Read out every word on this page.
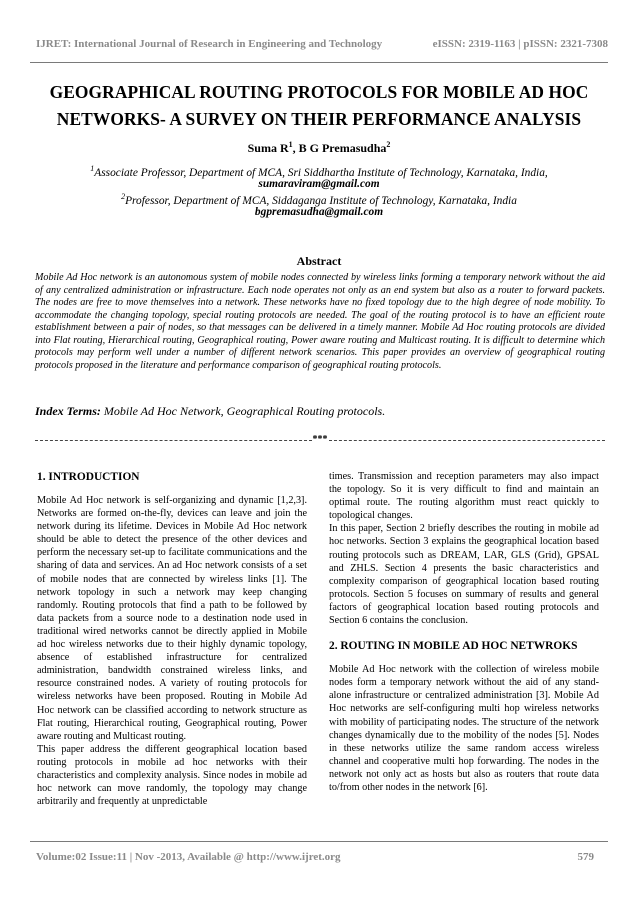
IJRET: International Journal of Research in Engineering and Technology	eISSN: 2319-1163 | pISSN: 2321-7308
GEOGRAPHICAL ROUTING PROTOCOLS FOR MOBILE AD HOC
NETWORKS- A SURVEY ON THEIR PERFORMANCE ANALYSIS
Suma $R^1$, B G Premasudha$^2$
$^1$Associate Professor, Department of MCA, Sri Siddhartha Institute of Technology, Karnataka, India,
sumaraviram@gmail.com
$^2$Professor, Department of MCA, Siddaganga Institute of Technology, Karnataka, India
bgpremasudha@gmail.com
Abstract
Mobile Ad Hoc network is an autonomous system of mobile nodes connected by wireless links forming a temporary network without the aid of any centralized administration or infrastructure. Each node operates not only as an end system but also as a router to forward packets. The nodes are free to move themselves into a network. These networks have no fixed topology due to the high degree of node mobility. To accommodate the changing topology, special routing protocols are needed. The goal of the routing protocol is to have an efficient route establishment between a pair of nodes, so that messages can be delivered in a timely manner. Mobile Ad Hoc routing protocols are divided into Flat routing, Hierarchical routing, Geographical routing, Power aware routing and Multicast routing. It is difficult to determine which protocols may perform well under a number of different network scenarios. This paper provides an overview of geographical routing protocols proposed in the literature and performance comparison of geographical routing protocols.
Index Terms: Mobile Ad Hoc Network, Geographical Routing protocols.
***
1. INTRODUCTION

Mobile Ad Hoc network is self-organizing and dynamic [1,2,3]. Networks are formed on-the-fly, devices can leave and join the network during its lifetime. Devices in Mobile Ad Hoc network should be able to detect the presence of the other devices and perform the necessary set-up to facilitate communications and the sharing of data and services. An ad Hoc network consists of a set of mobile nodes that are connected by wireless links [1]. The network topology in such a network may keep changing randomly. Routing protocols that find a path to be followed by data packets from a source node to a destination node used in traditional wired networks cannot be directly applied in Mobile ad hoc wireless networks due to their highly dynamic topology, absence of established infrastructure for centralized administration, bandwidth constrained wireless links, and resource constrained nodes. A variety of routing protocols for wireless networks have been proposed. Routing in Mobile Ad Hoc network can be classified according to network structure as Flat routing, Hierarchical routing, Geographical routing, Power aware routing and Multicast routing.

This paper address the different geographical location based routing protocols in mobile ad hoc networks with their characteristics and complexity analysis. Since nodes in mobile ad hoc network can move randomly, the topology may change arbitrarily and frequently at unpredictable

times. Transmission and reception parameters may also impact the topology. So it is very difficult to find and maintain an optimal route. The routing algorithm must react quickly to topological changes.

In this paper, Section 2 briefly describes the routing in mobile ad hoc networks. Section 3 explains the geographical location based routing protocols such as DREAM, LAR, GLS (Grid), GPSAL and ZHLS. Section 4 presents the basic characteristics and complexity comparison of geographical location based routing protocols. Section 5 focuses on summary of results and general factors of geographical location based routing protocols and Section 6 contains the conclusion.

2. ROUTING IN MOBILE AD HOC NETWROKS

Mobile Ad Hoc network with the collection of wireless mobile nodes form a temporary network without the aid of any stand-alone infrastructure or centralized administration [3]. Mobile Ad Hoc networks are self-configuring multi hop wireless networks with mobility of participating nodes. The structure of the network changes dynamically due to the mobility of the nodes [5]. Nodes in these networks utilize the same random access wireless channel and cooperative multi hop forwarding. The nodes in the network not only act as hosts but also as routers that route data to/from other nodes in the network [6].

Volume:02 Issue:11 | Nov -2013, Available @ http://www.ijret.org	579
